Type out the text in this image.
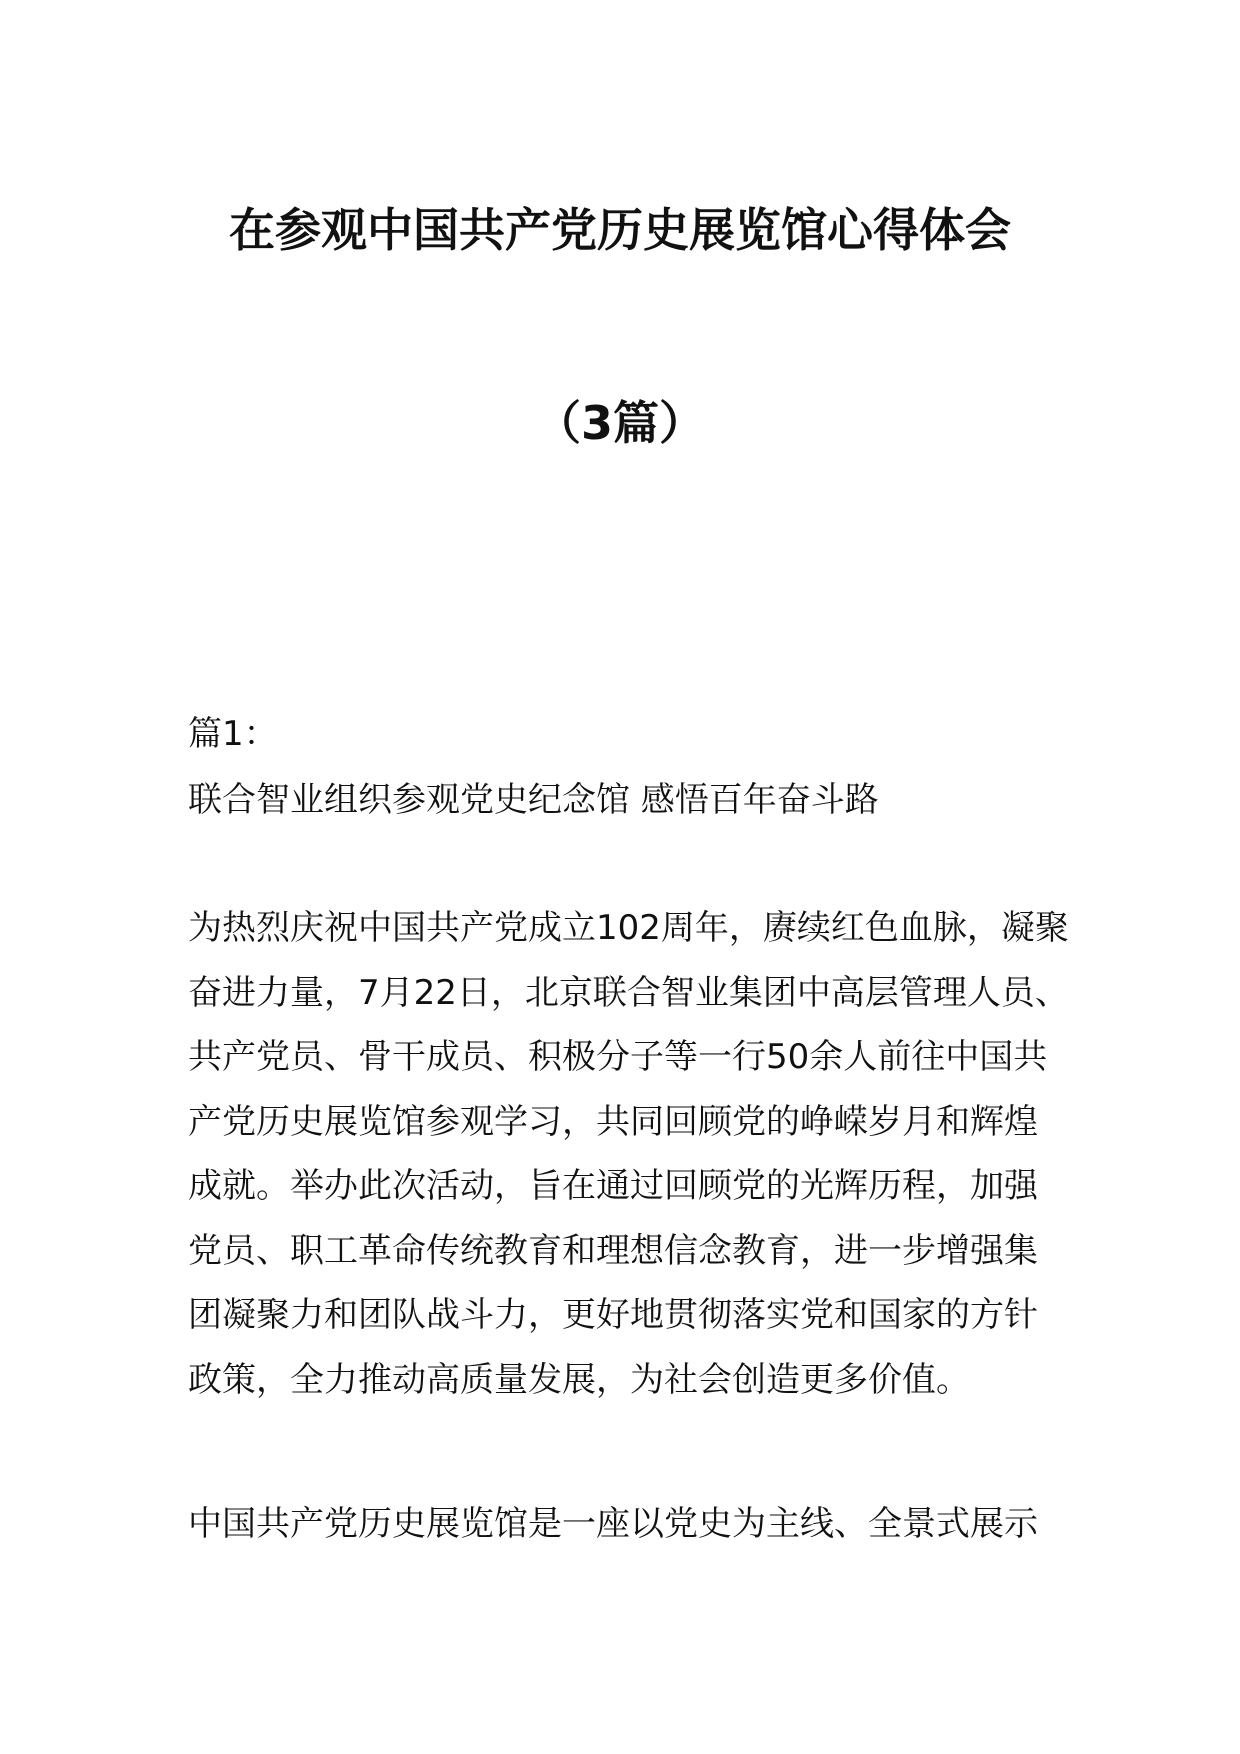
在参观中国共产党历史展览馆心得体会
（3篇）
篇1：
联合智业组织参观党史纪念馆 感悟百年奋斗路
为热烈庆祝中国共产党成立102周年，赓续红色血脉，凝聚
奋进力量，7月22日，北京联合智业集团中高层管理人员、
共产党员、骨干成员、积极分子等一行50余人前往中国共
产党历史展览馆参观学习，共同回顾党的峥嵘岁月和辉煌
成就。举办此次活动，旨在通过回顾党的光辉历程，加强
党员、职工革命传统教育和理想信念教育，进一步增强集
团凝聚力和团队战斗力，更好地贯彻落实党和国家的方针
政策，全力推动高质量发展，为社会创造更多价值。
中国共产党历史展览馆是一座以党史为主线、全景式展示
